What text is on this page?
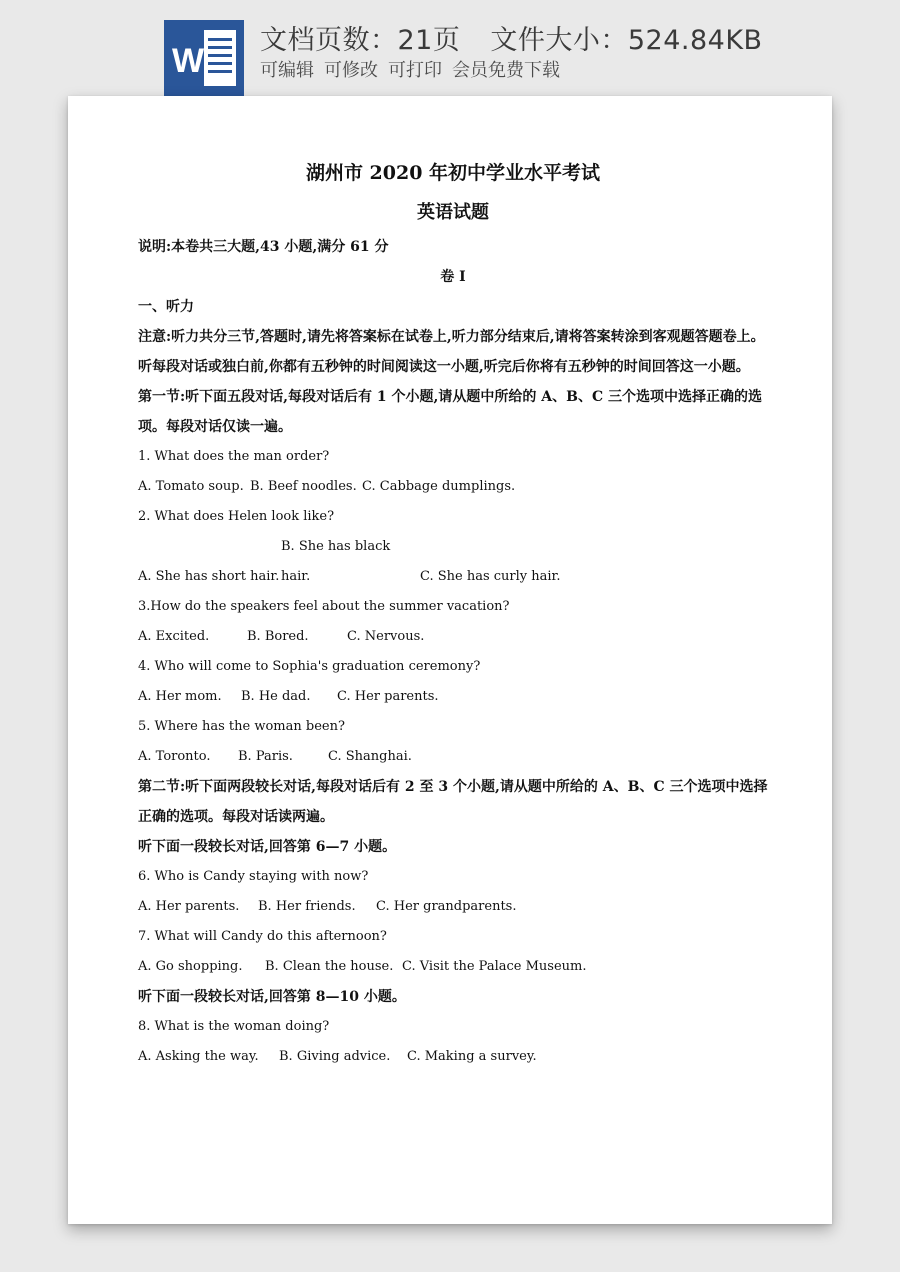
W
文档页数：21页 文件大小：524.84KB
可编辑 可修改 可打印 会员免费下载

湖州市 2020 年初中学业水平考试

英语试题

说明:本卷共三大题,43 小题,满分 61 分

卷 I

一、听力

注意:听力共分三节,答题时,请先将答案标在试卷上,听力部分结束后,请将答案转涂到客观题答题卷上。听每段对话或独白前,你都有五秒钟的时间阅读这一小题,听完后你将有五秒钟的时间回答这一小题。

第一节:听下面五段对话,每段对话后有 1 个小题,请从题中所给的 A、B、C 三个选项中选择正确的选项。每段对话仅读一遍。

1. What does the man order?

A. Tomato soup. B. Beef noodles. C. Cabbage dumplings.

2. What does Helen look like?

A. She has short hair.B. She has black hair.	C. She has curly hair.

3.How do the speakers feel about the summer vacation?

A. Excited.	B. Bored.	C. Nervous.

4. Who will come to Sophia's graduation ceremony?

A. Her mom. B. He dad. C. Her parents.

5. Where has the woman been?

A. Toronto. B. Paris.	C. Shanghai.

第二节:听下面两段较长对话,每段对话后有 2 至 3 个小题,请从题中所给的 A、B、C 三个选项中选择正确的选项。每段对话读两遍。

听下面一段较长对话,回答第 6—7 小题。

6. Who is Candy staying with now?

A. Her parents. B. Her friends. C. Her grandparents.

7. What will Candy do this afternoon?

A. Go shopping. B. Clean the house. C. Visit the Palace Museum.

听下面一段较长对话,回答第 8—10 小题。

8. What is the woman doing?

A. Asking the way. B. Giving advice. C. Making a survey.
